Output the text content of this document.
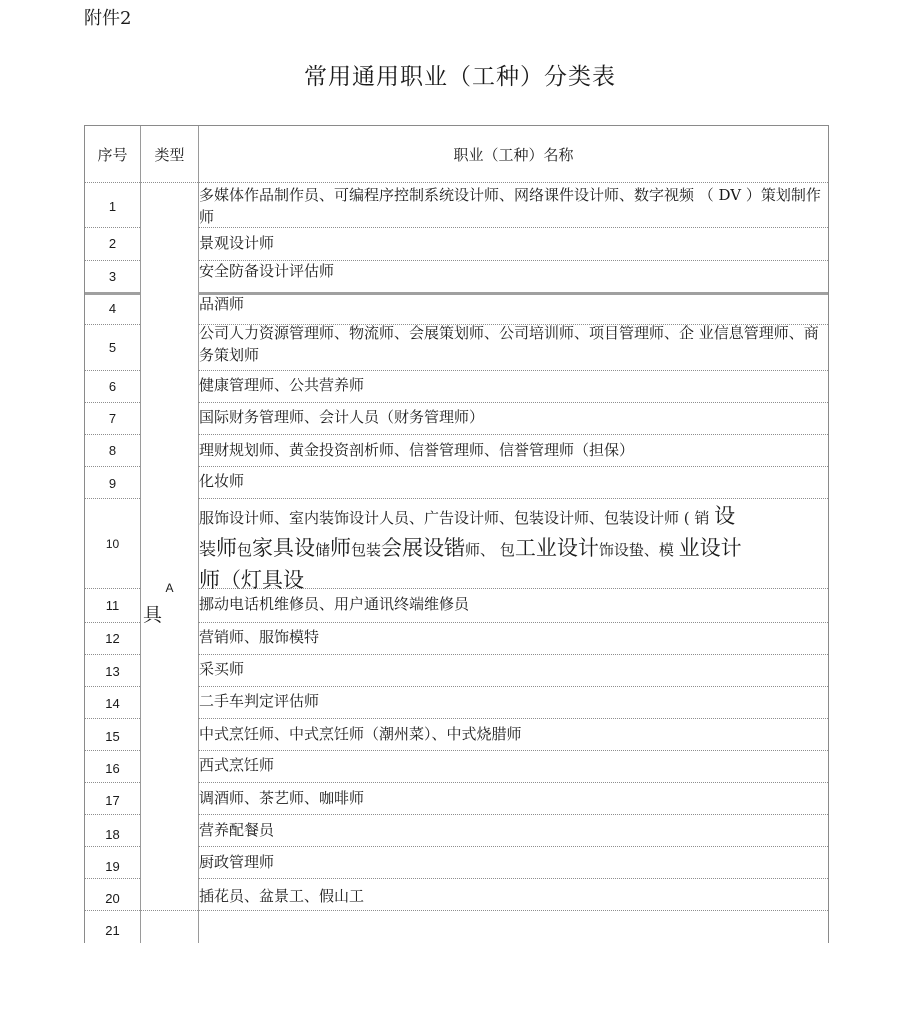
附件2
常用通用职业（工种）分类表
序号	类型	职业（工种）名称
A
具
1
2
3
4
5
6
7
8
9
10
11
12
13
14
15
16
17
18
19
20
21
多媒体作品制作员、可编程序控制系统设计师、网络课件设计师、数字视频 （ DV ）策划制作师
景观设计师
安全防备设计评估师
品酒师
公司人力资源管理师、物流师、会展策划师、公司培训师、项目管理师、企 业信息管理师、商务策划师
健康管理师、公共营养师
国际财务管理师、会计人员（财务管理师）
理财规划师、黄金投资剖析师、信誉管理师、信誉管理师（担保）
化妆师
服饰设计师、室内装饰设计人员、广告设计师、包装设计师、包装设计师 ( 销 设
装师包家具设储师包装会展设锴师、 包工业设计饰设蛰、模 业设计
师（灯具设
挪动电话机维修员、用户通讯终端维修员
营销师、服饰模特
采买师
二手车判定评估师
中式烹饪师、中式烹饪师（潮州菜）、中式烧腊师
西式烹饪师
调酒师、茶艺师、咖啡师
营养配餐员
厨政管理师
插花员、盆景工、假山工
